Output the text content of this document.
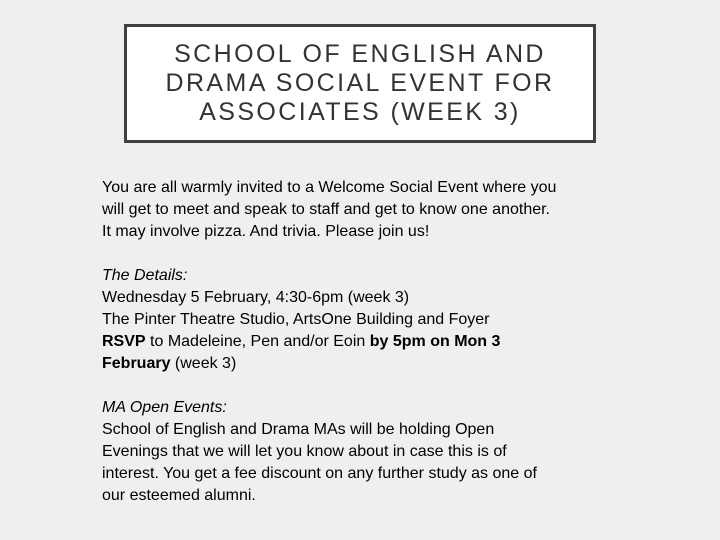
SCHOOL OF ENGLISH AND DRAMA SOCIAL EVENT FOR ASSOCIATES (WEEK 3)

You are all warmly invited to a Welcome Social Event where you
will get to meet and speak to staff and get to know one another.
It may involve pizza. And trivia. Please join us!

The Details:
Wednesday 5 February, 4:30-6pm (week 3)
The Pinter Theatre Studio, ArtsOne Building and Foyer
RSVP to Madeleine, Pen and/or Eoin by 5pm on Mon 3
February (week 3)

MA Open Events:
School of English and Drama MAs will be holding Open
Evenings that we will let you know about in case this is of
interest. You get a fee discount on any further study as one of
our esteemed alumni.
